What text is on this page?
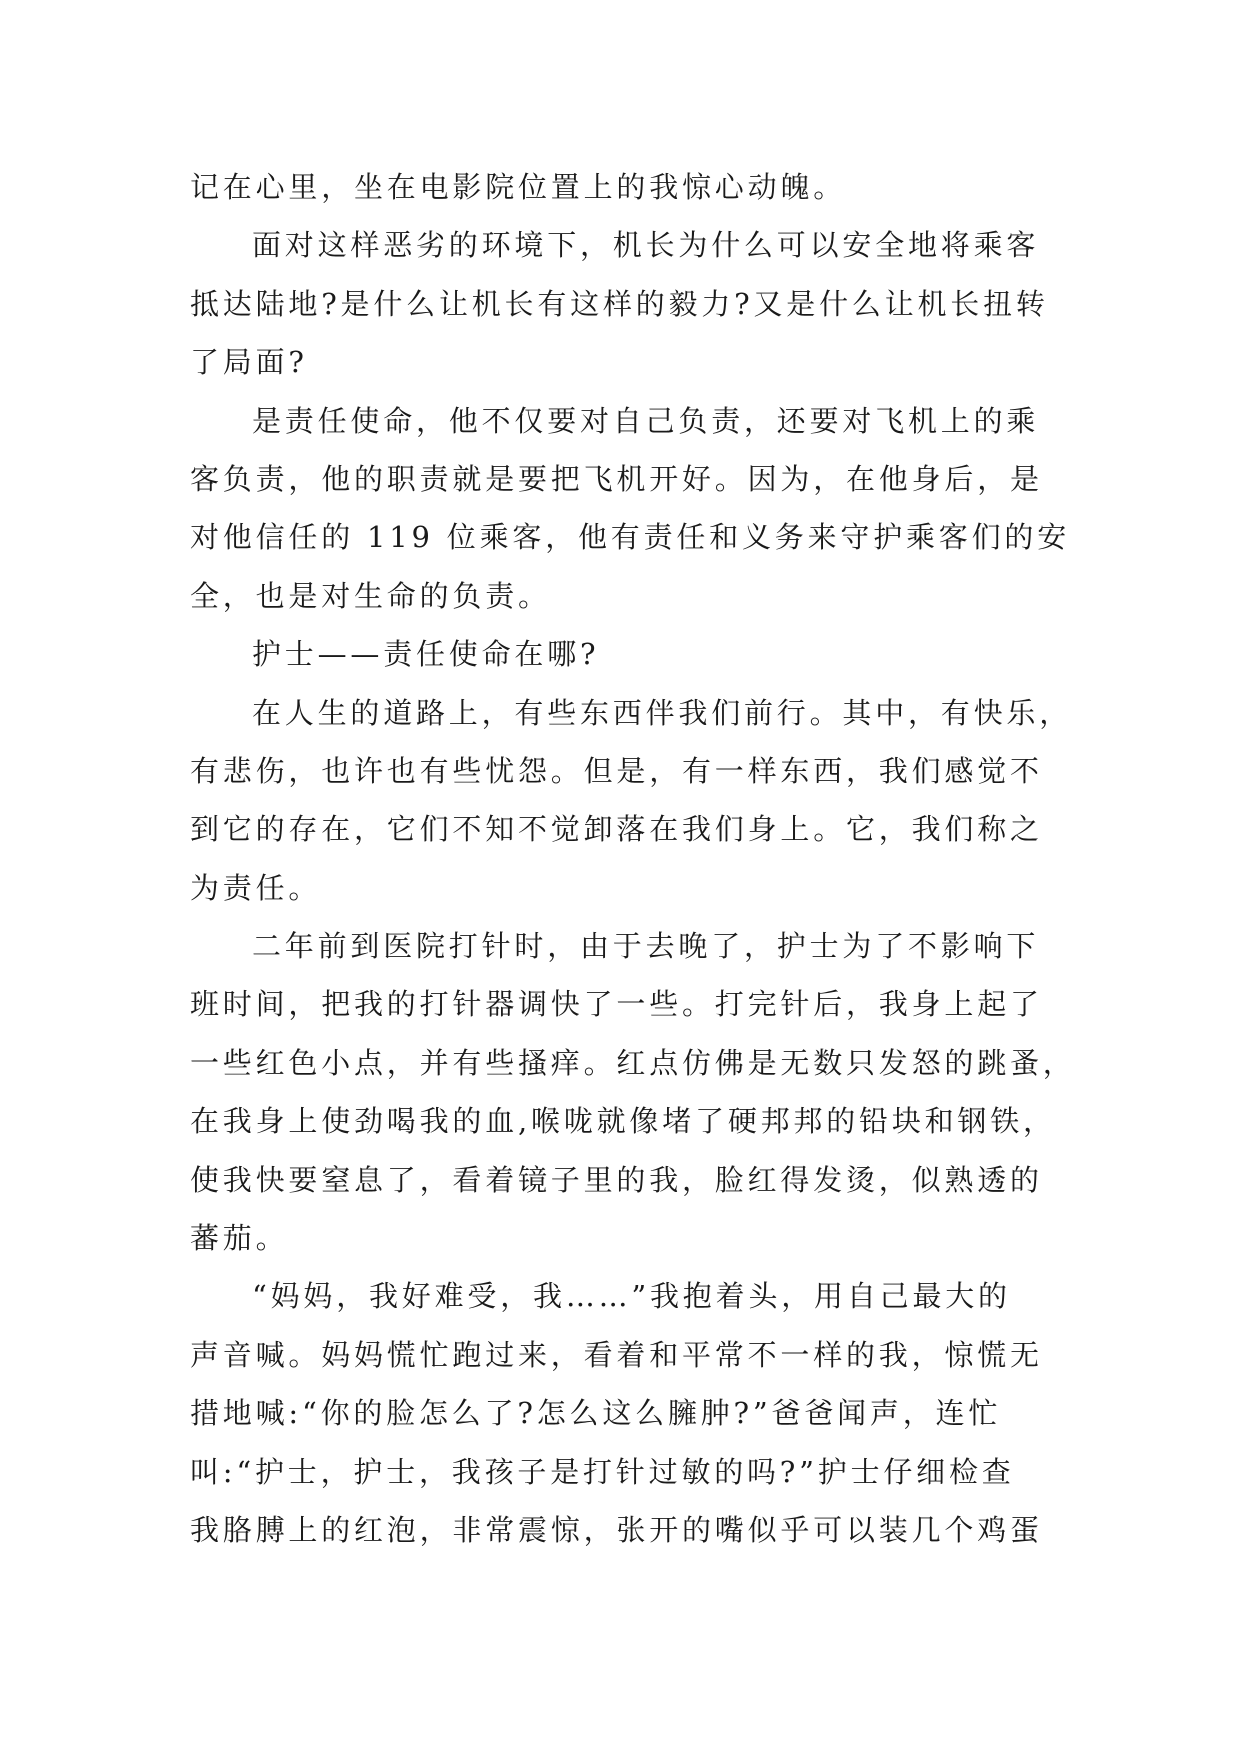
记在心里，坐在电影院位置上的我惊心动魄。
面对这样恶劣的环境下，机长为什么可以安全地将乘客
抵达陆地?是什么让机长有这样的毅力?又是什么让机长扭转
了局面?
是责任使命，他不仅要对自己负责，还要对飞机上的乘
客负责，他的职责就是要把飞机开好。因为，在他身后，是
对他信任的 119 位乘客，他有责任和义务来守护乘客们的安
全，也是对生命的负责。
护士——责任使命在哪?
在人生的道路上，有些东西伴我们前行。其中，有快乐，
有悲伤，也许也有些忧怨。但是，有一样东西，我们感觉不
到它的存在，它们不知不觉卸落在我们身上。它，我们称之
为责任。
二年前到医院打针时，由于去晚了，护士为了不影响下
班时间，把我的打针器调快了一些。打完针后，我身上起了
一些红色小点，并有些搔痒。红点仿佛是无数只发怒的跳蚤，
在我身上使劲喝我的血,喉咙就像堵了硬邦邦的铅块和钢铁，
使我快要窒息了，看着镜子里的我，脸红得发烫，似熟透的
蕃茄。
“妈妈，我好难受，我……”我抱着头，用自己最大的
声音喊。妈妈慌忙跑过来，看着和平常不一样的我，惊慌无
措地喊:“你的脸怎么了?怎么这么臃肿?”爸爸闻声，连忙
叫:“护士，护士，我孩子是打针过敏的吗?”护士仔细检查
我胳膊上的红泡，非常震惊，张开的嘴似乎可以装几个鸡蛋
